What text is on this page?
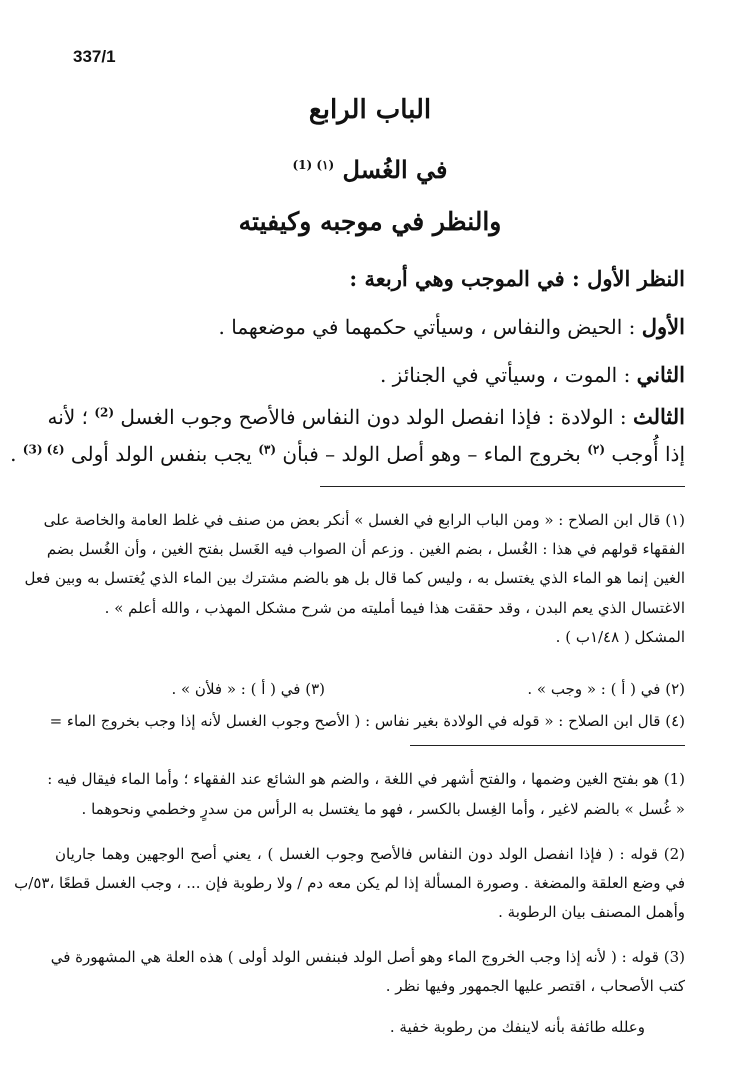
337/1
الباب الرابع
في الغُسل $^{(١) (1)}$
والنظر في موجبه وكيفيته
النظر الأول : في الموجب وهي أربعة :
الأول : الحيض والنفاس ، وسيأتي حكمهما في موضعهما .
الثاني : الموت ، وسيأتي في الجنائز .
الثالث : الولادة : فإذا انفصل الولد دون النفاس فالأصح وجوب الغسل $^{(2)}$ ؛ لأنه
إذا أُوجب $^{(٢)}$ بخروج الماء – وهو أصل الولد – فبأن $^{(٣)}$ يجب بنفس الولد أولى $^{(٤) (3)}$ .
(١) قال ابن الصلاح : « ومن الباب الرابع في الغسل » أنكر بعض من صنف في غلط العامة والخاصة على
الفقهاء قولهم في هذا : الغُسل ، بضم الغين . وزعم أن الصواب فيه الغَسل بفتح الغين ، وأن الغُسل بضم
الغين إنما هو الماء الذي يغتسل به ، وليس كما قال بل هو بالضم مشترك بين الماء الذي يُغتسل به وبين فعل
الاغتسال الذي يعم البدن ، وقد حققت هذا فيما أمليته من شرح مشكل المهذب ، والله أعلم » .
المشكل ( ١/٤٨ب ) .
(٢) في ( أ ) : « وجب » .(٣) في ( أ ) : « فلأن » .
(٤) قال ابن الصلاح : « قوله في الولادة بغير نفاس : ( الأصح وجوب الغسل لأنه إذا وجب بخروج الماء =
(1) هو بفتح الغين وضمها ، والفتح أشهر في اللغة ، والضم هو الشائع عند الفقهاء ؛ وأما الماء فيقال فيه :
« غُسل » بالضم لاغير ، وأما الغِسل بالكسر ، فهو ما يغتسل به الرأس من سدرٍ وخطمي ونحوهما .
(2) قوله : ( فإذا انفصل الولد دون النفاس فالأصح وجوب الغسل ) ، يعني أصح الوجهين وهما جاريان
في وضع العلقة والمضغة . وصورة المسألة إذا لم يكن معه دم / ولا رطوبة فإن ... ، وجب الغسل قطعًا ،٥٣/ب
وأهمل المصنف بيان الرطوبة .
(3) قوله : ( لأنه إذا وجب الخروج الماء وهو أصل الولد فبنفس الولد أولى ) هذه العلة هي المشهورة في
كتب الأصحاب ، اقتصر عليها الجمهور وفيها نظر .
وعلله طائفة بأنه لاينفك من رطوبة خفية .
